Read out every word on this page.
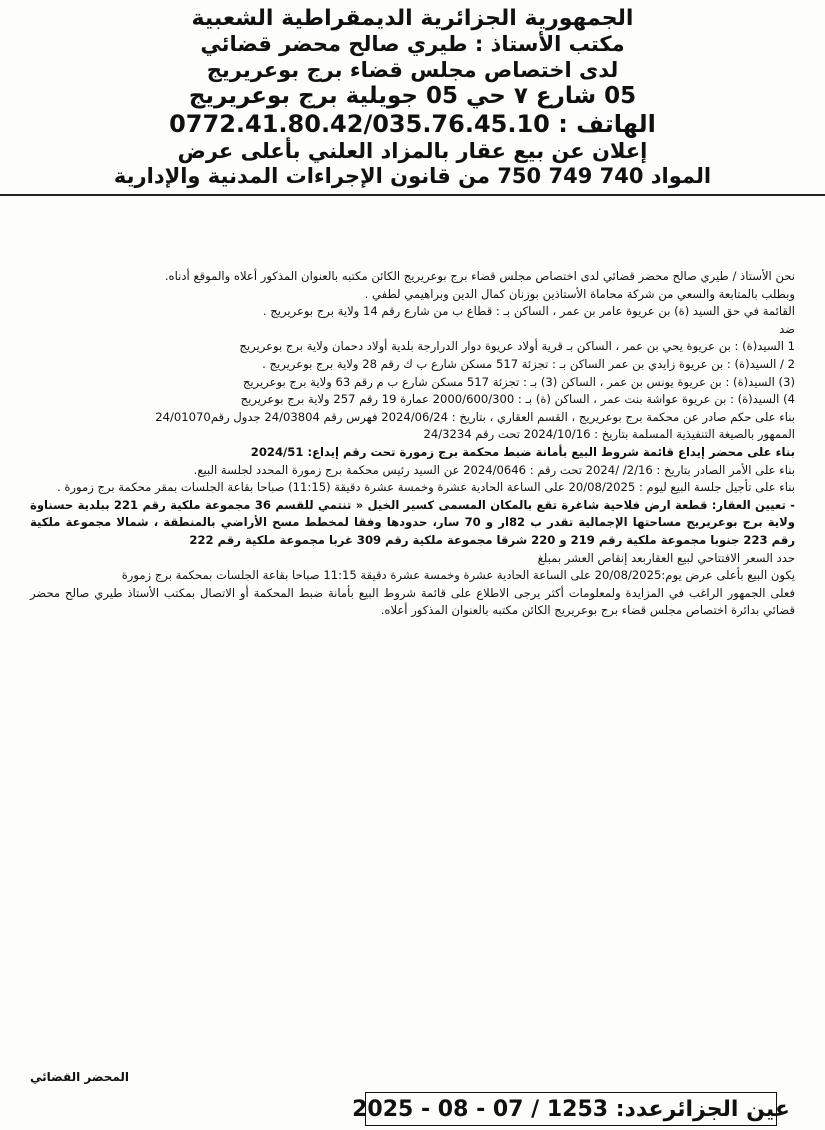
الجمهورية الجزائرية الديمقراطية الشعبية
مكتب الأستاذ : طيري صالح محضر قضائي
لدى اختصاص مجلس قضاء برج بوعريريج
05 شارع ٧ حي 05 جويلية برج بوعريريج
الهاتف : 0772.41.80.42/035.76.45.10
إعلان عن بيع عقار بالمزاد العلني بأعلى عرض
المواد 740 749 750 من قانون الإجراءات المدنية والإدارية

نحن الأستاذ / طيري صالح محضر قضائي لدى اختصاص مجلس قضاء برج بوعريريج الكائن مكتبه بالعنوان المذكور أعلاه والموقع أدناه.

وبطلب بالمتابعة والسعي من شركة محاماة الأستاذين بوزنان كمال الدين وبراهيمي لطفي .

القائمة في حق السيد (ة) بن عريوة عامر بن عمر ، الساكن بـ : قطاع ب من شارع رقم 14 ولاية برج بوعريريج .

ضد

1 السيد(ة) : بن عريوة يحي بن عمر ، الساكن بـ قرية أولاد عريوة دوار الدرارجة بلدية أولاد دحمان ولاية برج بوعريريج

2 / السيد(ة) : بن عريوة زايدي بن عمر الساكن بـ : تجزئة 517 مسكن شارع ب ك رقم 28 ولاية برج بوعريريج .

(3) السيد(ة) : بن عريوة يونس بن عمر ، الساكن (3) بـ : تجزئة 517 مسكن شارع ب م رقم 63 ولاية برج بوعريريج

4) السيد(ة) : بن عريوة عواشة بنت عمر ، الساكن (ة) بـ : 2000/600/300 عمارة 19 رقم 257 ولاية برج بوعريريج

بناء على حكم صادر عن محكمة برج بوعريريج ، القسم العقاري ، بتاريخ : 2024/06/24 فهرس رقم 24/03804 جدول رقم24/01070

الممهور بالصيغة التنفيذية المسلمة بتاريخ : 2024/10/16 تحت رقم 24/3234

بناء على محضر إيداع قائمة شروط البيع بأمانة ضبط محكمة برج زمورة تحت رقم إيداع: 2024/51

بناء على الأمر الصادر بتاريخ : 2/16/ /2024 تحت رقم : 2024/0646 عن السيد رئيس محكمة برج زمورة المحدد لجلسة البيع.

بناء على تأجيل جلسة البيع ليوم : 20/08/2025 على الساعة الحادية عشرة وخمسة عشرة دقيقة (11:15) صباحا بقاعة الجلسات بمقر محكمة برج زمورة .

- تعيين العقار: قطعة ارض فلاحية شاغرة تقع بالمكان المسمى كسير الخيل « تنتمي للقسم 36 مجموعة ملكية رقم 221 ببلدية حسناوة ولاية برج بوعريريج مساحتها الإجمالية تقدر ب 82ار و 70 سار، حدودها وفقا لمخطط مسح الأراضي بالمنطقة ، شمالا مجموعة ملكية رقم 223 جنوبا مجموعة ملكية رقم 219 و 220 شرقا مجموعة ملكية رقم 309 غربا مجموعة ملكية رقم 222

حدد السعر الافتتاحي لبيع العقاربعد إنقاص العشر بمبلغ

يكون البيع بأعلى عرض يوم:20/08/2025 على الساعة الحادية عشرة وخمسة عشرة دقيقة 11:15 صباحا بقاعة الجلسات بمحكمة برج زمورة

فعلى الجمهور الراغب في المزايدة ولمعلومات أكثر يرجى الاطلاع على قائمة شروط البيع بأمانة ضبط المحكمة أو الاتصال بمكتب الأستاذ طيري صالح محضر قضائي بدائرة اختصاص مجلس قضاء برج بوعريريج الكائن مكتبه بالعنوان المذكور أعلاه.

المحضر القضائي
عين الجزائرعدد: 1253 / 07 - 08 - 2025
